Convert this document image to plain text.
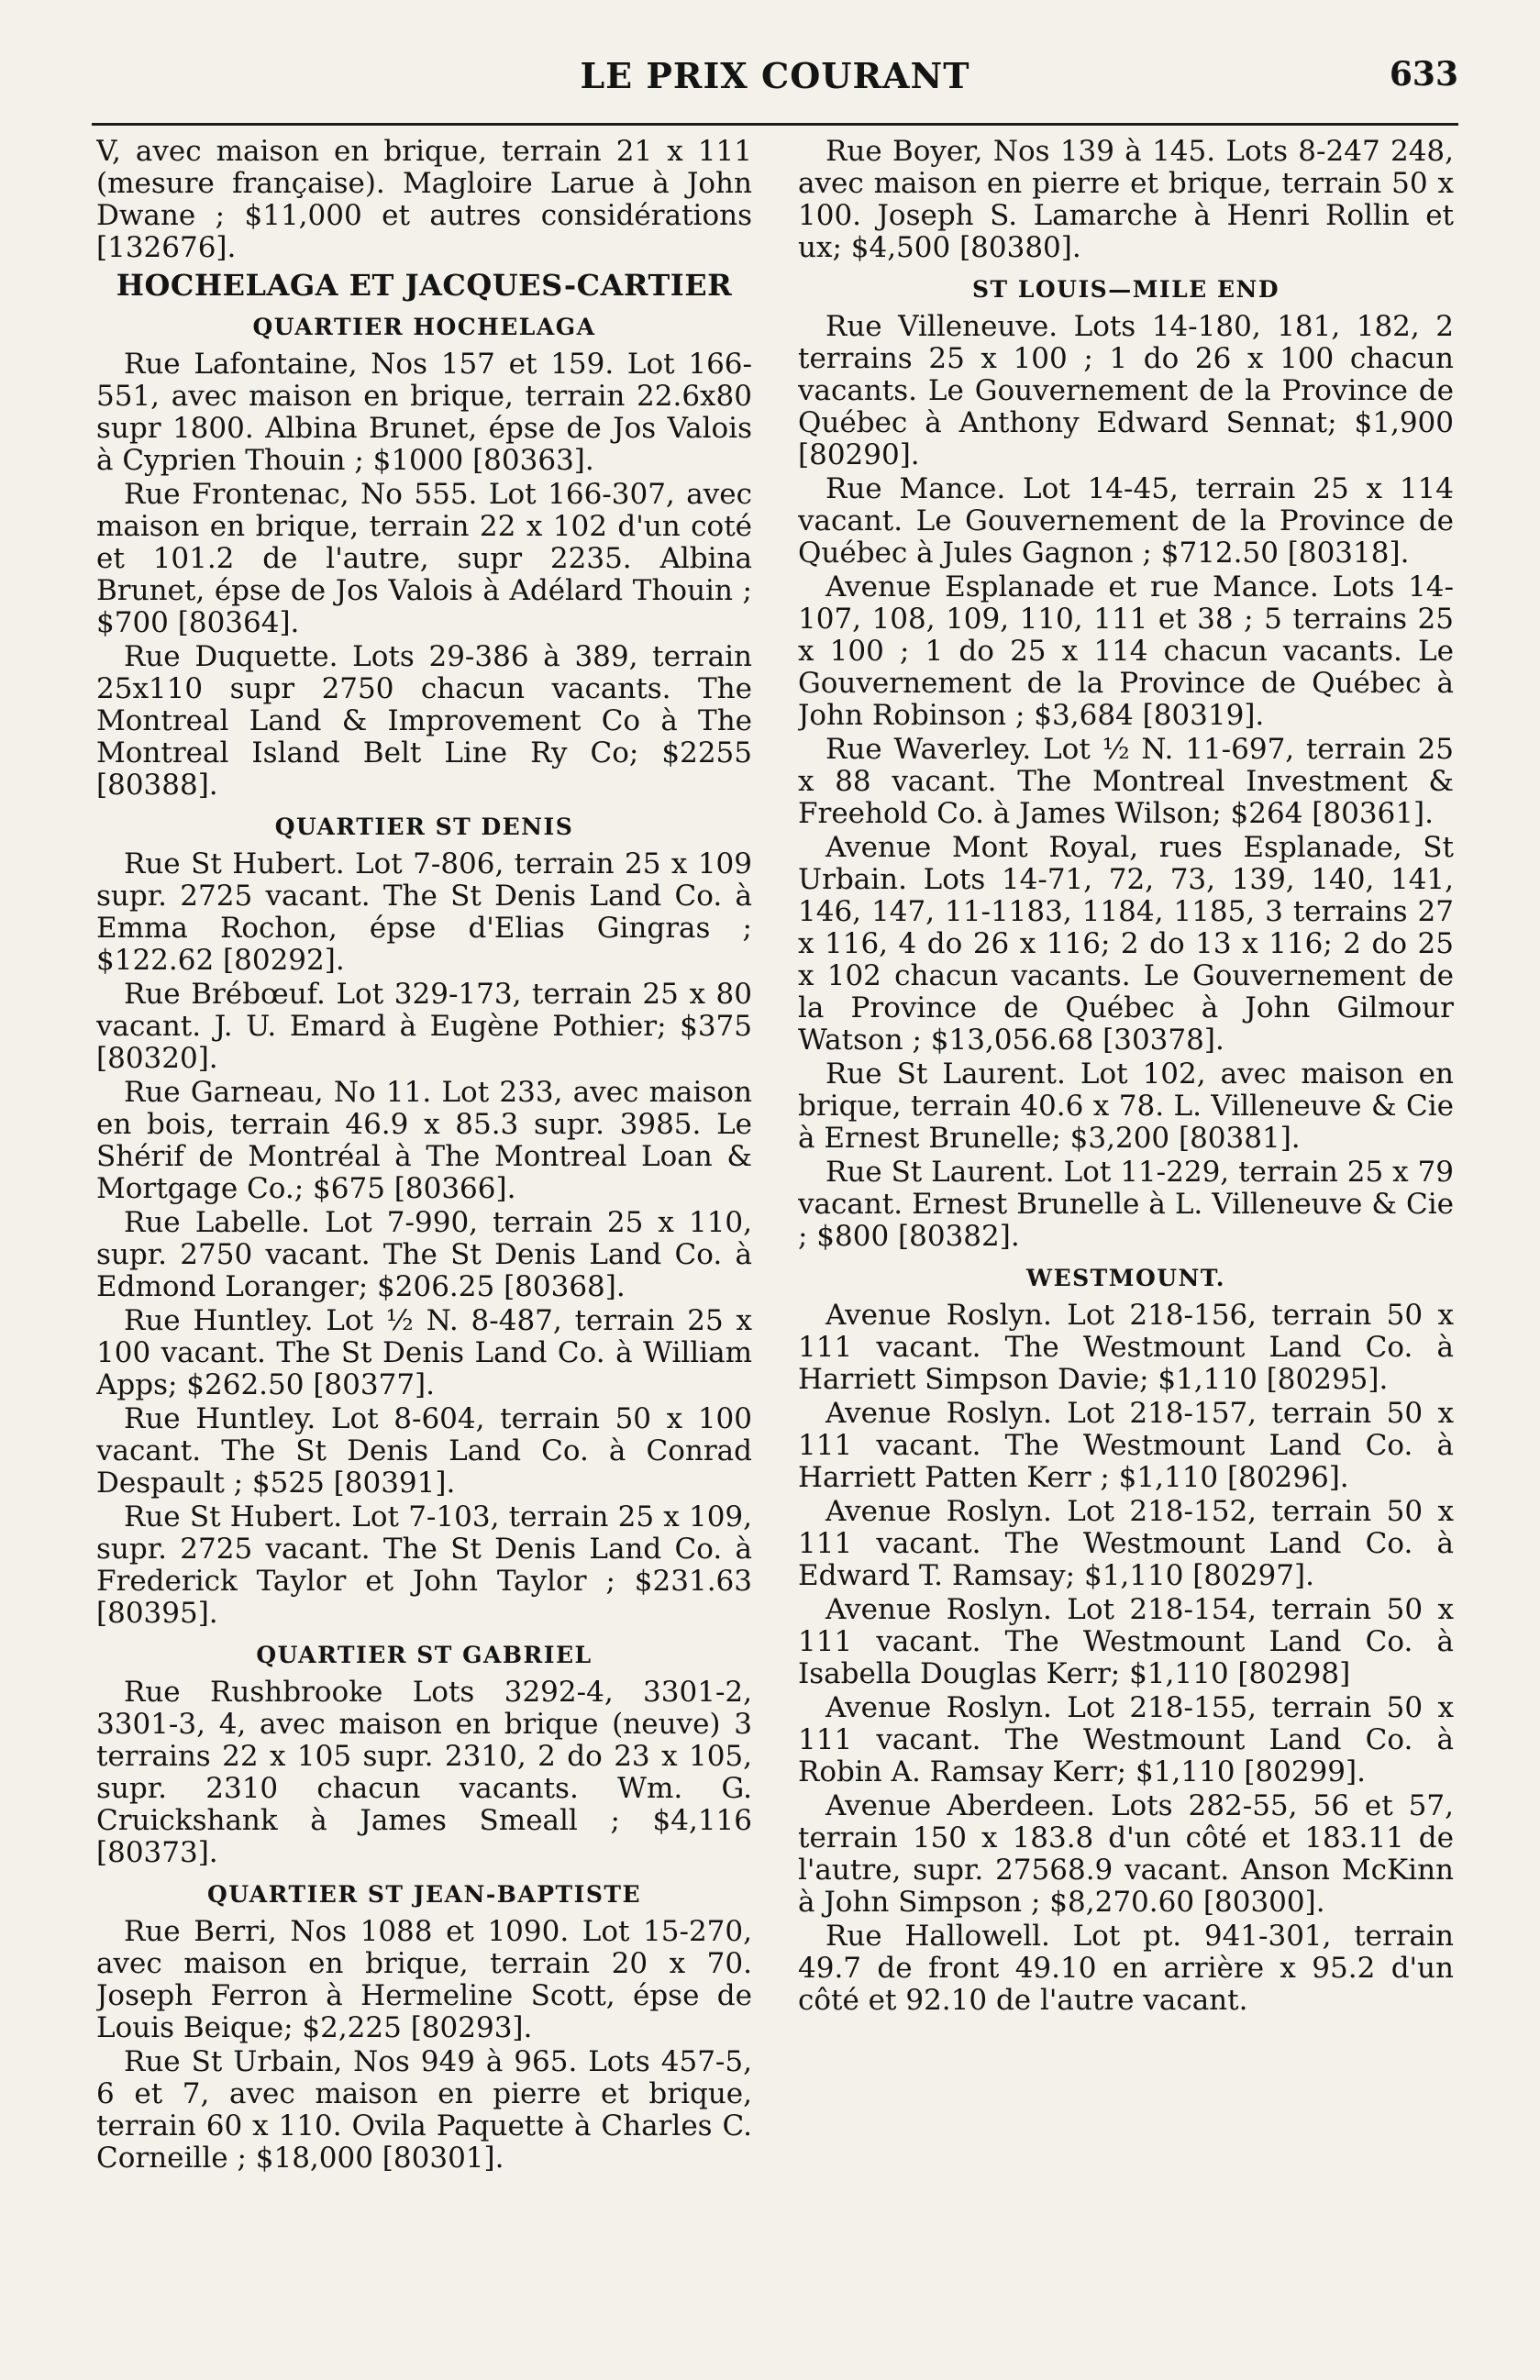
LE PRIX COURANT	633

V, avec maison en brique, terrain 21 x 111 (mesure française). Magloire Larue à John Dwane ; $11,000 et autres considérations [132676].

HOCHELAGA ET JACQUES-CARTIER
QUARTIER HOCHELAGA

Rue Lafontaine, Nos 157 et 159. Lot 166-551, avec maison en brique, terrain 22.6x80 supr 1800. Albina Brunet, épse de Jos Valois à Cyprien Thouin ; $1000 [80363].

Rue Frontenac, No 555. Lot 166-307, avec maison en brique, terrain 22 x 102 d'un coté et 101.2 de l'autre, supr 2235. Albina Brunet, épse de Jos Valois à Adélard Thouin ; $700 [80364].

Rue Duquette. Lots 29-386 à 389, terrain 25x110 supr 2750 chacun vacants. The Montreal Land & Improvement Co à The Montreal Island Belt Line Ry Co; $2255 [80388].

QUARTIER ST DENIS

Rue St Hubert. Lot 7-806, terrain 25 x 109 supr. 2725 vacant. The St Denis Land Co. à Emma Rochon, épse d'Elias Gingras ; $122.62 [80292].

Rue Brébœuf. Lot 329-173, terrain 25 x 80 vacant. J. U. Emard à Eugène Pothier; $375 [80320].

Rue Garneau, No 11. Lot 233, avec maison en bois, terrain 46.9 x 85.3 supr. 3985. Le Shérif de Montréal à The Montreal Loan & Mortgage Co.; $675 [80366].

Rue Labelle. Lot 7-990, terrain 25 x 110, supr. 2750 vacant. The St Denis Land Co. à Edmond Loranger; $206.25 [80368].

Rue Huntley. Lot ½ N. 8-487, terrain 25 x 100 vacant. The St Denis Land Co. à William Apps; $262.50 [80377].

Rue Huntley. Lot 8-604, terrain 50 x 100 vacant. The St Denis Land Co. à Conrad Despault ; $525 [80391].

Rue St Hubert. Lot 7-103, terrain 25 x 109, supr. 2725 vacant. The St Denis Land Co. à Frederick Taylor et John Taylor ; $231.63 [80395].

QUARTIER ST GABRIEL

Rue Rushbrooke Lots 3292-4, 3301-2, 3301-3, 4, avec maison en brique (neuve) 3 terrains 22 x 105 supr. 2310, 2 do 23 x 105, supr. 2310 chacun vacants. Wm. G. Cruickshank à James Smeall ; $4,116 [80373].

QUARTIER ST JEAN-BAPTISTE

Rue Berri, Nos 1088 et 1090. Lot 15-270, avec maison en brique, terrain 20 x 70. Joseph Ferron à Hermeline Scott, épse de Louis Beique; $2,225 [80293].

Rue St Urbain, Nos 949 à 965. Lots 457-5, 6 et 7, avec maison en pierre et brique, terrain 60 x 110. Ovila Paquette à Charles C. Corneille ; $18,000 [80301].

Rue Boyer, Nos 139 à 145. Lots 8-247 248, avec maison en pierre et brique, terrain 50 x 100. Joseph S. Lamarche à Henri Rollin et ux; $4,500 [80380].

ST LOUIS—MILE END

Rue Villeneuve. Lots 14-180, 181, 182, 2 terrains 25 x 100 ; 1 do 26 x 100 chacun vacants. Le Gouvernement de la Province de Québec à Anthony Edward Sennat; $1,900 [80290].

Rue Mance. Lot 14-45, terrain 25 x 114 vacant. Le Gouvernement de la Province de Québec à Jules Gagnon ; $712.50 [80318].

Avenue Esplanade et rue Mance. Lots 14-107, 108, 109, 110, 111 et 38 ; 5 terrains 25 x 100 ; 1 do 25 x 114 chacun vacants. Le Gouvernement de la Province de Québec à John Robinson ; $3,684 [80319].

Rue Waverley. Lot ½ N. 11-697, terrain 25 x 88 vacant. The Montreal Investment & Freehold Co. à James Wilson; $264 [80361].

Avenue Mont Royal, rues Esplanade, St Urbain. Lots 14-71, 72, 73, 139, 140, 141, 146, 147, 11-1183, 1184, 1185, 3 terrains 27 x 116, 4 do 26 x 116; 2 do 13 x 116; 2 do 25 x 102 chacun vacants. Le Gouvernement de la Province de Québec à John Gilmour Watson ; $13,056.68 [30378].

Rue St Laurent. Lot 102, avec maison en brique, terrain 40.6 x 78. L. Villeneuve & Cie à Ernest Brunelle; $3,200 [80381].

Rue St Laurent. Lot 11-229, terrain 25 x 79 vacant. Ernest Brunelle à L. Villeneuve & Cie ; $800 [80382].

WESTMOUNT.

Avenue Roslyn. Lot 218-156, terrain 50 x 111 vacant. The Westmount Land Co. à Harriett Simpson Davie; $1,110 [80295].

Avenue Roslyn. Lot 218-157, terrain 50 x 111 vacant. The Westmount Land Co. à Harriett Patten Kerr ; $1,110 [80296].

Avenue Roslyn. Lot 218-152, terrain 50 x 111 vacant. The Westmount Land Co. à Edward T. Ramsay; $1,110 [80297].

Avenue Roslyn. Lot 218-154, terrain 50 x 111 vacant. The Westmount Land Co. à Isabella Douglas Kerr; $1,110 [80298]

Avenue Roslyn. Lot 218-155, terrain 50 x 111 vacant. The Westmount Land Co. à Robin A. Ramsay Kerr; $1,110 [80299].

Avenue Aberdeen. Lots 282-55, 56 et 57, terrain 150 x 183.8 d'un côté et 183.11 de l'autre, supr. 27568.9 vacant. Anson McKinn à John Simpson ; $8,270.60 [80300].

Rue Hallowell. Lot pt. 941-301, terrain 49.7 de front 49.10 en arrière x 95.2 d'un côté et 92.10 de l'autre vacant.
